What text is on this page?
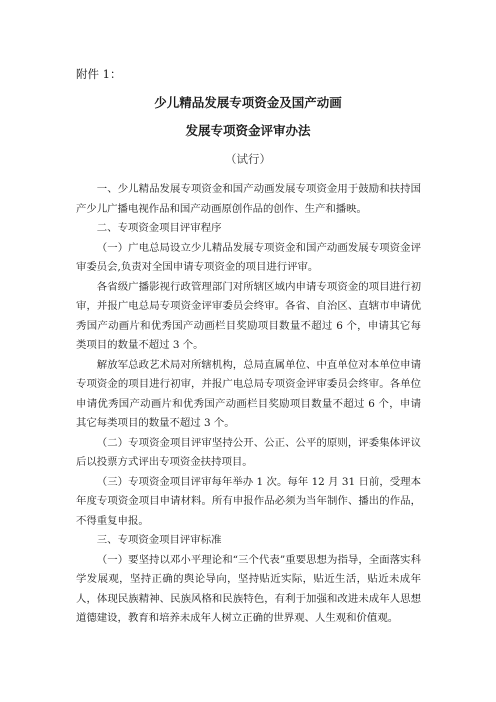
附件 1：
少儿精品发展专项资金及国产动画
发展专项资金评审办法
（试行）

一、少儿精品发展专项资金和国产动画发展专项资金用于鼓励和扶持国产少儿广播电视作品和国产动画原创作品的创作、生产和播映。

二、专项资金项目评审程序

（一）广电总局设立少儿精品发展专项资金和国产动画发展专项资金评审委员会,负责对全国申请专项资金的项目进行评审。

各省级广播影视行政管理部门对所辖区域内申请专项资金的项目进行初审，并报广电总局专项资金评审委员会终审。各省、自治区、直辖市申请优秀国产动画片和优秀国产动画栏目奖励项目数量不超过 6 个，申请其它每类项目的数量不超过 3 个。

解放军总政艺术局对所辖机构，总局直属单位、中直单位对本单位申请专项资金的项目进行初审，并报广电总局专项资金评审委员会终审。各单位申请优秀国产动画片和优秀国产动画栏目奖励项目数量不超过 6 个，申请其它每类项目的数量不超过 3 个。

（二）专项资金项目评审坚持公开、公正、公平的原则，评委集体评议后以投票方式评出专项资金扶持项目。

（三）专项资金项目评审每年举办 1 次。每年 12 月 31 日前，受理本年度专项资金项目申请材料。所有申报作品必须为当年制作、播出的作品，不得重复申报。

三、专项资金项目评审标准

（一）要坚持以邓小平理论和“三个代表”重要思想为指导，全面落实科学发展观，坚持正确的舆论导向，坚持贴近实际，贴近生活，贴近未成年人，体现民族精神、民族风格和民族特色，有利于加强和改进未成年人思想道德建设，教育和培养未成年人树立正确的世界观、人生观和价值观。
